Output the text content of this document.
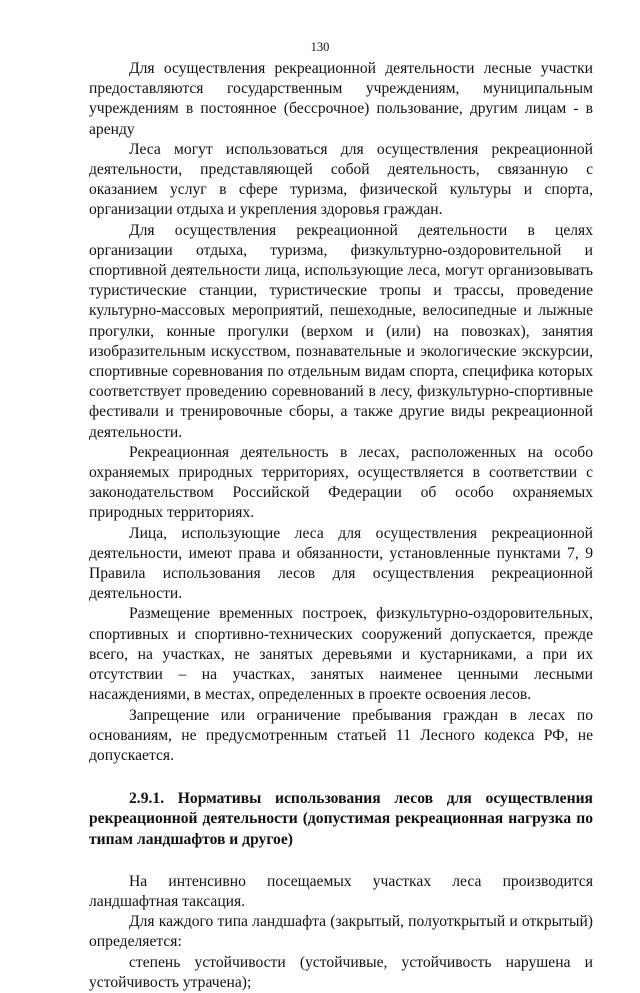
130

Для осуществления рекреационной деятельности лесные участки предоставляются государственным учреждениям, муниципальным учреждениям в постоянное (бессрочное) пользование, другим лицам - в аренду

Леса могут использоваться для осуществления рекреационной деятельности, представляющей собой деятельность, связанную с оказанием услуг в сфере туризма, физической культуры и спорта, организации отдыха и укрепления здоровья граждан.

Для осуществления рекреационной деятельности в целях организации отдыха, туризма, физкультурно-оздоровительной и спортивной деятельности лица, использующие леса, могут организовывать туристические станции, туристические тропы и трассы, проведение культурно-массовых мероприятий, пешеходные, велосипедные и лыжные прогулки, конные прогулки (верхом и (или) на повозках), занятия изобразительным искусством, познавательные и экологические экскурсии, спортивные соревнования по отдельным видам спорта, специфика которых соответствует проведению соревнований в лесу, физкультурно-спортивные фестивали и тренировочные сборы, а также другие виды рекреационной деятельности.

Рекреационная деятельность в лесах, расположенных на особо охраняемых природных территориях, осуществляется в соответствии с законодательством Российской Федерации об особо охраняемых природных территориях.

Лица, использующие леса для осуществления рекреационной деятельности, имеют права и обязанности, установленные пунктами 7, 9 Правила использования лесов для осуществления рекреационной деятельности.

Размещение временных построек, физкультурно-оздоровительных, спортивных и спортивно-технических сооружений допускается, прежде всего, на участках, не занятых деревьями и кустарниками, а при их отсутствии – на участках, занятых наименее ценными лесными насаждениями, в местах, определенных в проекте освоения лесов.

Запрещение или ограничение пребывания граждан в лесах по основаниям, не предусмотренным статьей 11 Лесного кодекса РФ, не допускается.

2.9.1. Нормативы использования лесов для осуществления рекреационной деятельности (допустимая рекреационная нагрузка по типам ландшафтов и другое)

На интенсивно посещаемых участках леса производится ландшафтная таксация.

Для каждого типа ландшафта (закрытый, полуоткрытый и открытый) определяется:

степень устойчивости (устойчивые, устойчивость нарушена и устойчивость утрачена);
